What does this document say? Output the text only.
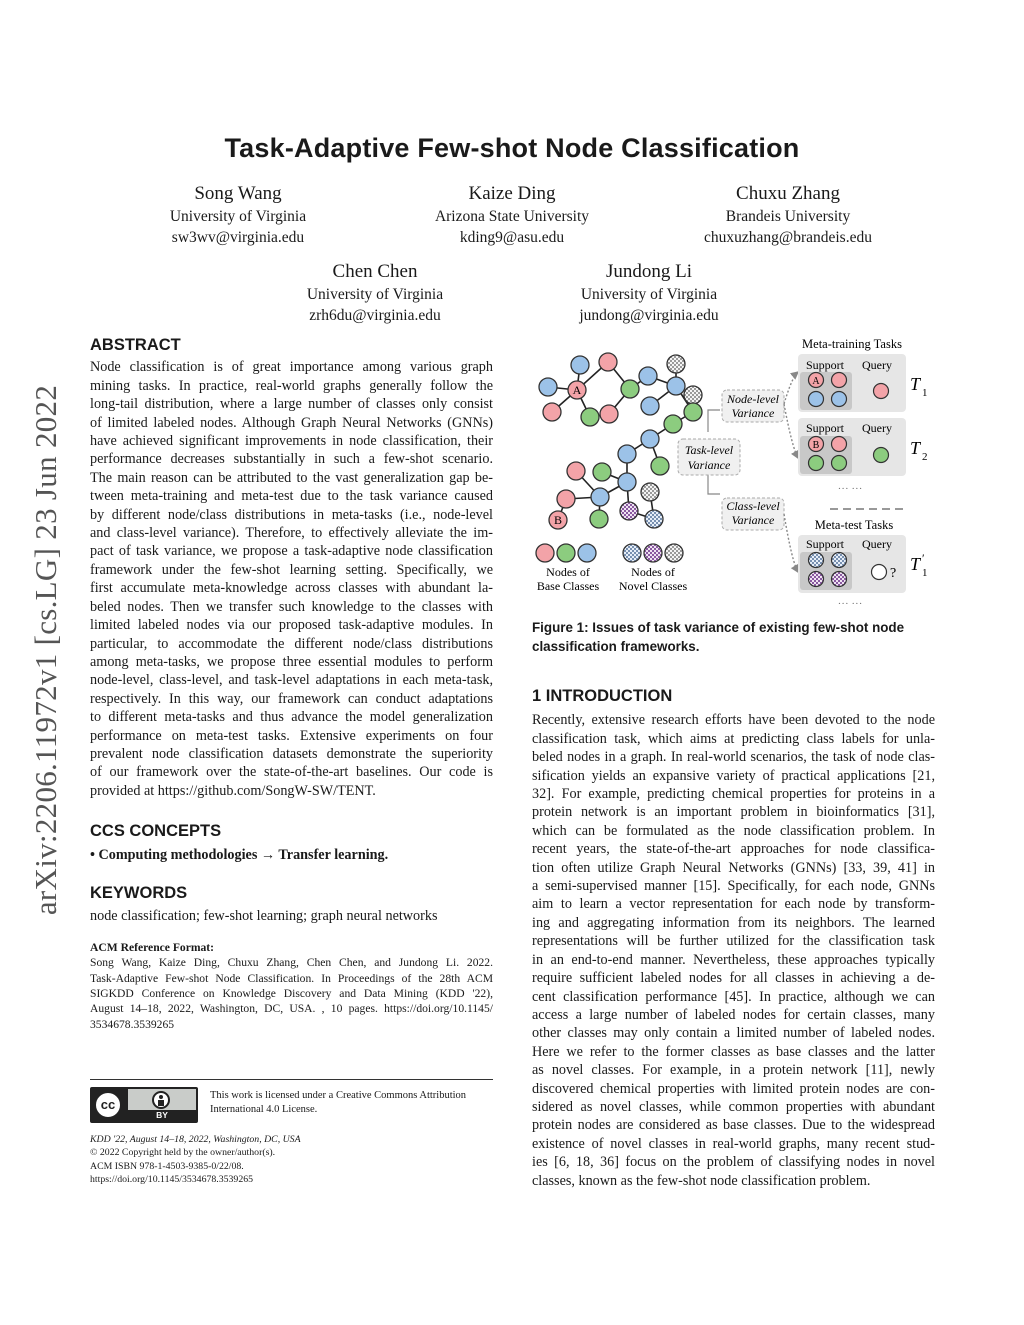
arXiv:2206.11972v1 [cs.LG] 23 Jun 2022
Task-Adaptive Few-shot Node Classification
Song Wang
University of Virginia
sw3wv@virginia.edu
Kaize Ding
Arizona State University
kding9@asu.edu
Chuxu Zhang
Brandeis University
chuxuzhang@brandeis.edu
Chen Chen
University of Virginia
zrh6du@virginia.edu
Jundong Li
University of Virginia
jundong@virginia.edu
ABSTRACT
Node classification is of great importance among various graph
mining tasks. In practice, real-world graphs generally follow the
long-tail distribution, where a large number of classes only consist
of limited labeled nodes. Although Graph Neural Networks (GNNs)
have achieved significant improvements in node classification, their
performance decreases substantially in such a few-shot scenario.
The main reason can be attributed to the vast generalization gap be-
tween meta-training and meta-test due to the task variance caused
by different node/class distributions in meta-tasks (i.e., node-level
and class-level variance). Therefore, to effectively alleviate the im-
pact of task variance, we propose a task-adaptive node classification
framework under the few-shot learning setting. Specifically, we
first accumulate meta-knowledge across classes with abundant la-
beled nodes. Then we transfer such knowledge to the classes with
limited labeled nodes via our proposed task-adaptive modules. In
particular, to accommodate the different node/class distributions
among meta-tasks, we propose three essential modules to perform
node-level, class-level, and task-level adaptations in each meta-task,
respectively. In this way, our framework can conduct adaptations
to different meta-tasks and thus advance the model generalization
performance on meta-test tasks. Extensive experiments on four
prevalent node classification datasets demonstrate the superiority
of our framework over the state-of-the-art baselines. Our code is
provided at https://github.com/SongW-SW/TENT.
CCS CONCEPTS
• Computing methodologies → Transfer learning.
KEYWORDS
node classification; few-shot learning; graph neural networks
ACM Reference Format:
Song Wang, Kaize Ding, Chuxu Zhang, Chen Chen, and Jundong Li. 2022.
Task-Adaptive Few-shot Node Classification. In Proceedings of the 28th ACM
SIGKDD Conference on Knowledge Discovery and Data Mining (KDD '22),
August 14–18, 2022, Washington, DC, USA. , 10 pages. https://doi.org/10.1145/
3534678.3539265
cc
BY
This work is licensed under a Creative Commons Attribution
International 4.0 License.
KDD '22, August 14–18, 2022, Washington, DC, USA
© 2022 Copyright held by the owner/author(s).
ACM ISBN 978-1-4503-9385-0/22/08.
https://doi.org/10.1145/3534678.3539265
A
B
Nodes of
Base Classes
Nodes of
Novel Classes
Task-level
Variance
Node-level
Variance
Class-level
Variance
Meta-training Tasks
Support Query
A	T 1
Support Query
B	T 2
··· ···
Meta-test Tasks
Support Query
? T ′
1
··· ···
Figure 1: Issues of task variance of existing few-shot node
classification frameworks.
1 INTRODUCTION
Recently, extensive research efforts have been devoted to the node
classification task, which aims at predicting class labels for unla-
beled nodes in a graph. In real-world scenarios, the task of node clas-
sification yields an expansive variety of practical applications [21,
32]. For example, predicting chemical properties for proteins in a
protein network is an important problem in bioinformatics [31],
which can be formulated as the node classification problem. In
recent years, the state-of-the-art approaches for node classifica-
tion often utilize Graph Neural Networks (GNNs) [33, 39, 41] in
a semi-supervised manner [15]. Specifically, for each node, GNNs
aim to learn a vector representation for each node by transform-
ing and aggregating information from its neighbors. The learned
representations will be further utilized for the classification task
in an end-to-end manner. Nevertheless, these approaches typically
require sufficient labeled nodes for all classes in achieving a de-
cent classification performance [45]. In practice, although we can
access a large number of labeled nodes for certain classes, many
other classes may only contain a limited number of labeled nodes.
Here we refer to the former classes as base classes and the latter
as novel classes. For example, in a protein network [11], newly
discovered chemical properties with limited protein nodes are con-
sidered as novel classes, while common properties with abundant
protein nodes are considered as base classes. Due to the widespread
existence of novel classes in real-world graphs, many recent stud-
ies [6, 18, 36] focus on the problem of classifying nodes in novel
classes, known as the few-shot node classification problem.
